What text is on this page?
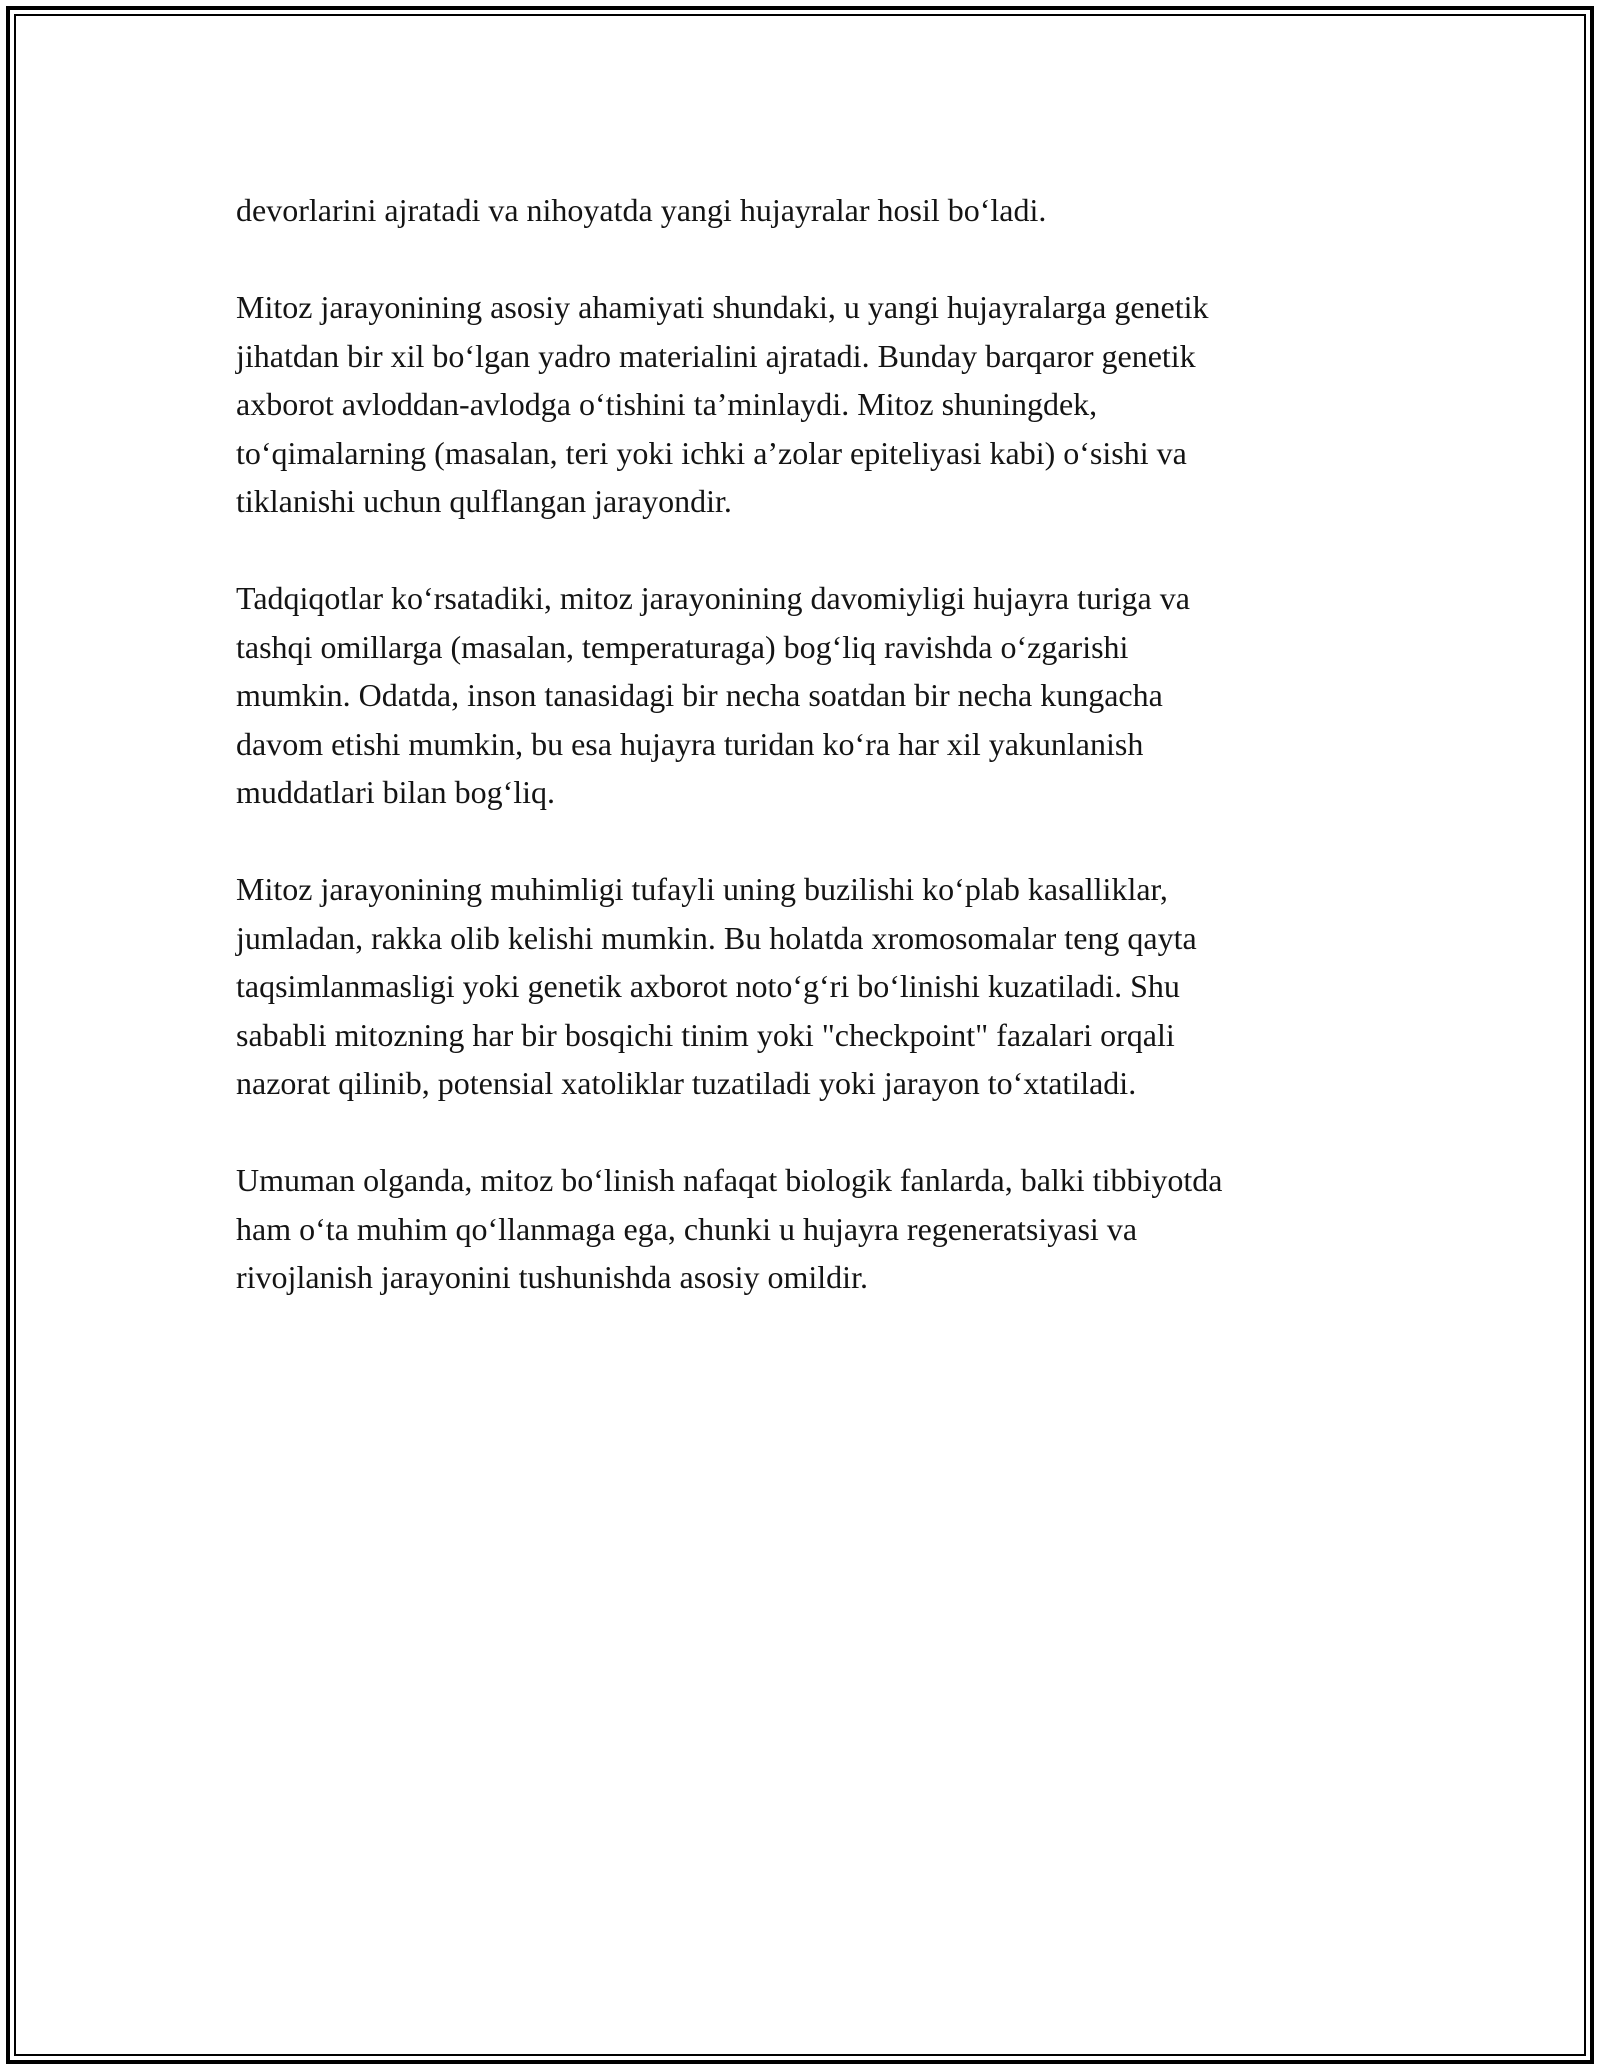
devorlarini ajratadi va nihoyatda yangi hujayralar hosil bo‘ladi.

Mitoz jarayonining asosiy ahamiyati shundaki, u yangi hujayralarga genetik
jihatdan bir xil bo‘lgan yadro materialini ajratadi. Bunday barqaror genetik
axborot avloddan-avlodga o‘tishini ta’minlaydi. Mitoz shuningdek,
to‘qimalarning (masalan, teri yoki ichki a’zolar epiteliyasi kabi) o‘sishi va
tiklanishi uchun qulflangan jarayondir.

Tadqiqotlar ko‘rsatadiki, mitoz jarayonining davomiyligi hujayra turiga va
tashqi omillarga (masalan, temperaturaga) bog‘liq ravishda o‘zgarishi
mumkin. Odatda, inson tanasidagi bir necha soatdan bir necha kungacha
davom etishi mumkin, bu esa hujayra turidan ko‘ra har xil yakunlanish
muddatlari bilan bog‘liq.

Mitoz jarayonining muhimligi tufayli uning buzilishi ko‘plab kasalliklar,
jumladan, rakka olib kelishi mumkin. Bu holatda xromosomalar teng qayta
taqsimlanmasligi yoki genetik axborot noto‘g‘ri bo‘linishi kuzatiladi. Shu
sababli mitozning har bir bosqichi tinim yoki "checkpoint" fazalari orqali
nazorat qilinib, potensial xatoliklar tuzatiladi yoki jarayon to‘xtatiladi.

Umuman olganda, mitoz bo‘linish nafaqat biologik fanlarda, balki tibbiyotda
ham o‘ta muhim qo‘llanmaga ega, chunki u hujayra regeneratsiyasi va
rivojlanish jarayonini tushunishda asosiy omildir.
